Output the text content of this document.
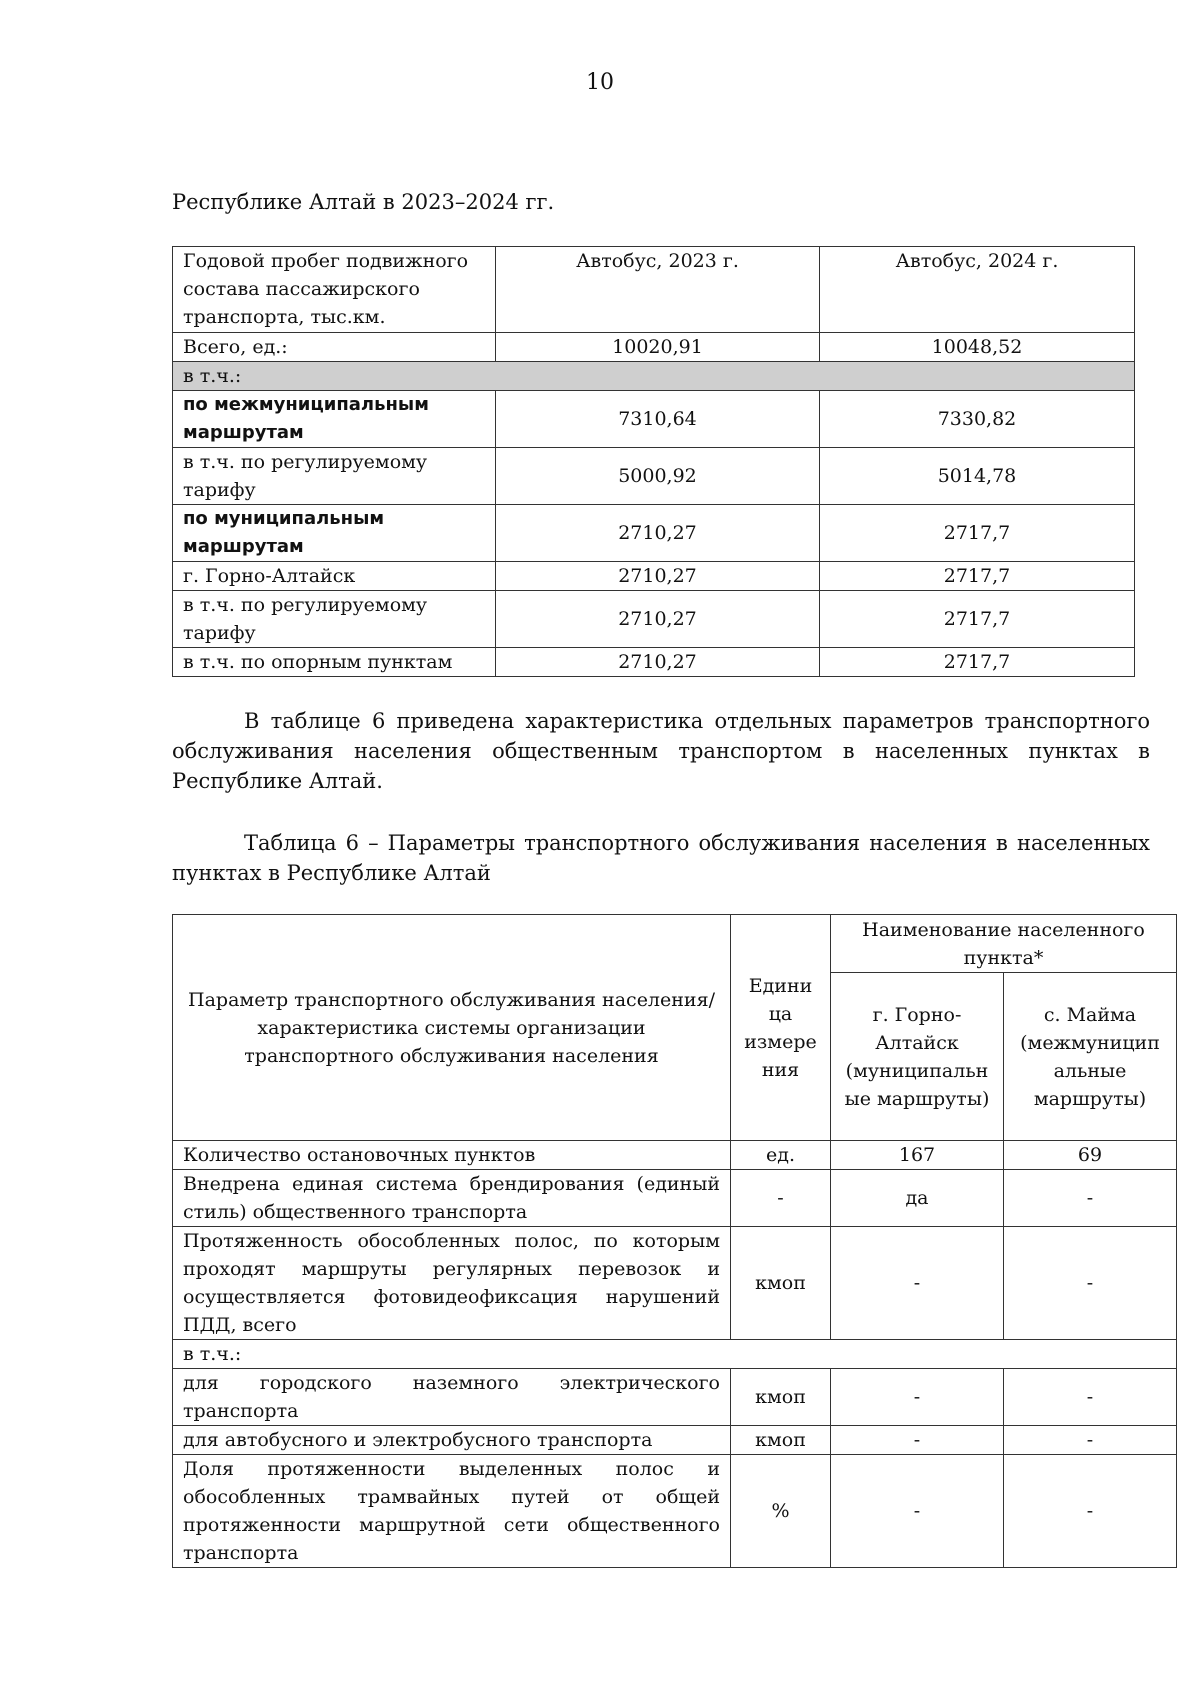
10
Республике Алтай в 2023–2024 гг.
Годовой пробег подвижного состава пассажирского транспорта, тыс.км.	Автобус, 2023 г.	Автобус, 2024 г.
Всего, ед.:	10020,91	10048,52
в т.ч.:		
по межмуниципальным маршрутам	7310,64	7330,82
в т.ч. по регулируемому тарифу	5000,92	5014,78
по муниципальным маршрутам	2710,27	2717,7
г. Горно-Алтайск	2710,27	2717,7
в т.ч. по регулируемому тарифу	2710,27	2717,7
в т.ч. по опорным пунктам	2710,27	2717,7
В таблице 6 приведена характеристика отдельных параметров транспортного обслуживания населения общественным транспортом в населенных пунктах в Республике Алтай.
Таблица 6 – Параметры транспортного обслуживания населения в населенных пунктах в Республике Алтай
Параметр транспортного обслуживания населения/ характеристика системы организации транспортного обслуживания населения	Едини ца измере ния	Наименование населенного пункта*	
		г. Горно-Алтайск (муниципальн ые маршруты)	с. Майма (межмуницип альные маршруты)
Количество остановочных пунктов	ед.	167	69
Внедрена единая система брендирования (единый стиль) общественного транспорта	-	да	-
Протяженность обособленных полос, по которым проходят маршруты регулярных перевозок и осуществляется фотовидеофиксация нарушений ПДД, всего	кмоп	-	-
в т.ч.:			
для городского наземного электрического транспорта	кмоп	-	-
для автобусного и электробусного транспорта	кмоп	-	-
Доля протяженности выделенных полос и обособленных трамвайных путей от общей протяженности маршрутной сети общественного транспорта	%	-	-
